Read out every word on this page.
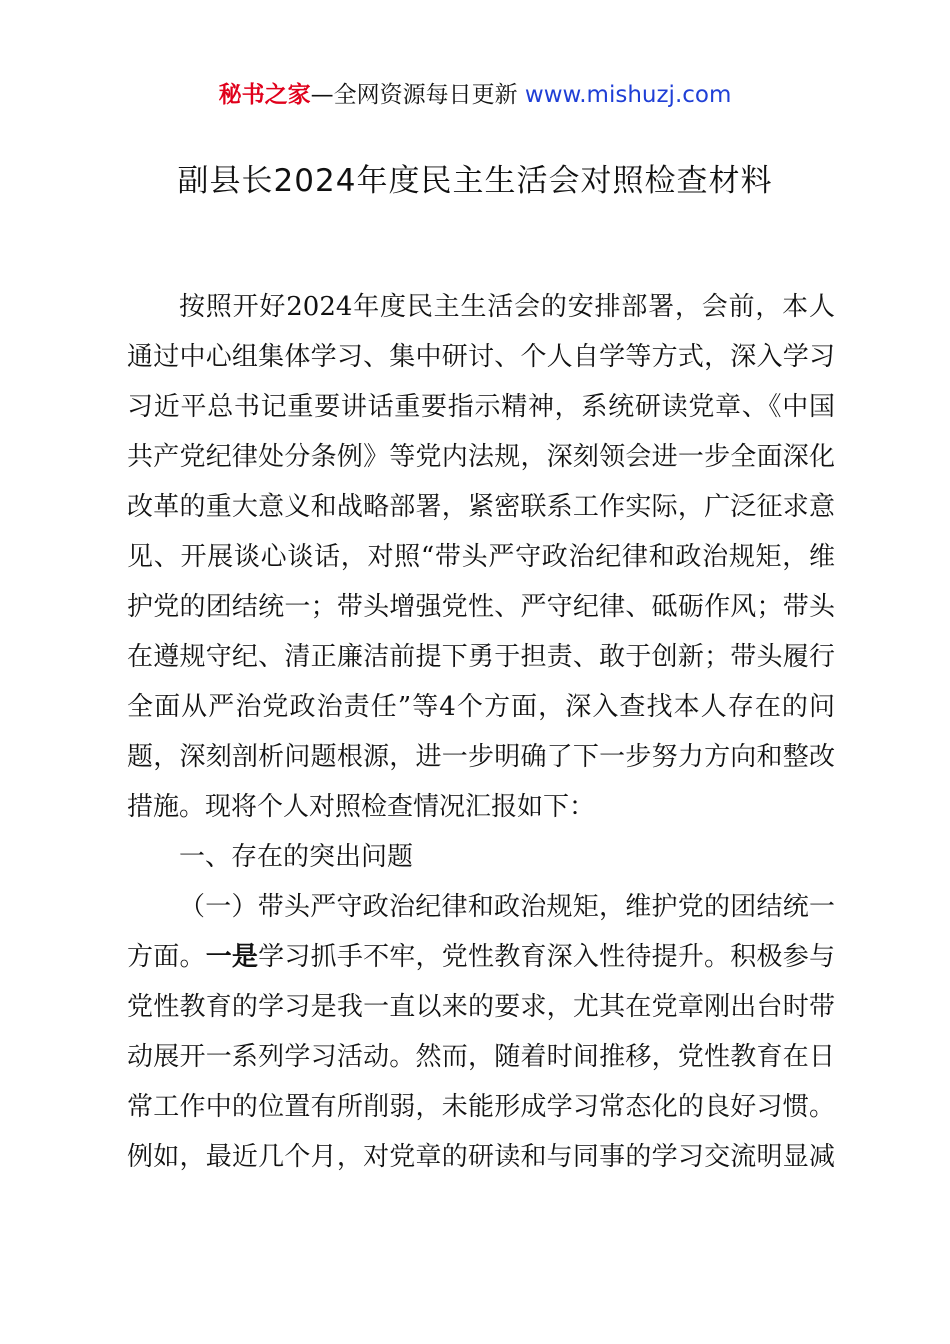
秘书之家—全网资源每日更新 www.mishuzj.com
副县长2024年度民主生活会对照检查材料
按照开好2024年度民主生活会的安排部署，会前，本人
通过中心组集体学习、集中研讨、个人自学等方式，深入学习
习近平总书记重要讲话重要指示精神，系统研读党章、《中国
共产党纪律处分条例》等党内法规，深刻领会进一步全面深化
改革的重大意义和战略部署，紧密联系工作实际，广泛征求意
见、开展谈心谈话，对照“带头严守政治纪律和政治规矩，维
护党的团结统一；带头增强党性、严守纪律、砥砺作风；带头
在遵规守纪、清正廉洁前提下勇于担责、敢于创新；带头履行
全面从严治党政治责任”等4个方面，深入查找本人存在的问
题，深刻剖析问题根源，进一步明确了下一步努力方向和整改
措施。现将个人对照检查情况汇报如下：
一、存在的突出问题
（一）带头严守政治纪律和政治规矩，维护党的团结统一
方面。一是学习抓手不牢，党性教育深入性待提升。积极参与
党性教育的学习是我一直以来的要求，尤其在党章刚出台时带
动展开一系列学习活动。然而，随着时间推移，党性教育在日
常工作中的位置有所削弱，未能形成学习常态化的良好习惯。
例如，最近几个月，对党章的研读和与同事的学习交流明显减
